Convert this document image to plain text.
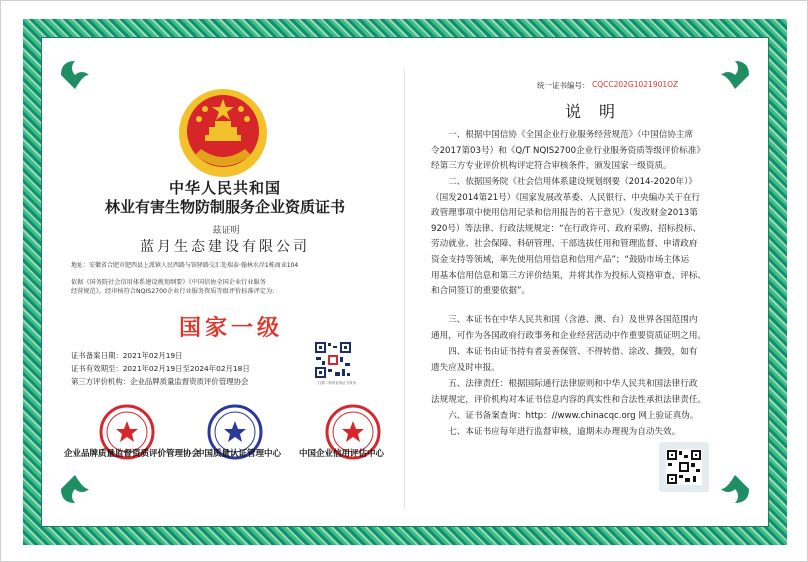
中华人民共和国
林业有害生物防制服务企业资质证书
兹证明
蓝月生态建设有限公司
地址：安徽省合肥市肥西县上派镇人民西路与馆驿路交汇处瑞泰·翰林水岸1栋商业104
依据《国务院社会信用体系建设规划纲要》《中国信协全国企业行业服务
经营规范》，经审核符合NQIS2700企业行业服务资质等级评价标准评定为:
国家一级
证书备案日期：2021年02月19日
证书有效期至：2021年02月19日至2024年02月18日
第三方评价机构：企业品牌质量监督资质评价管理协会	扫描二维码查询证书真伪
企业品牌质量监督资质评价管理协会
中国质量认证管理中心 中国企业信用评估中心
统一证书编号： CQCC202G1021901OZ
说明
　　一、根据中国信协《全国企业行业服务经营规范》（中国信协主席
令2017第03号）和《Q/T NQIS2700企业行业服务资质等级评价标准》
经第三方专业评价机构评定符合审核条件，颁发国家一级资质。
　　二、依据国务院《社会信用体系建设规划纲要（2014-2020年）》
（国发2014第21号）《国家发展改革委、人民银行、中央编办关于在行
政管理事项中使用信用记录和信用报告的若干意见》（发改财金2013第
920号）等法律、行政法规规定：“在行政许可、政府采购、招标投标、
劳动就业、社会保障、科研管理、干部选拔任用和管理监督、申请政府
资金支持等领域，率先使用信用信息和信用产品”；“鼓励市场主体运
用基本信用信息和第三方评价结果，并将其作为投标人资格审查、评标、
和合同签订的重要依据”。
　　三、本证书在中华人民共和国（含港、澳、台）及世界各国范围内
通用，可作为各国政府行政事务和企业经营活动中作重要资质证明之用。
　　四、本证书由证书持有者妥善保管、不得转借、涂改、撕毁，如有
遗失应及时申报。
　　五、法律责任：根据国际通行法律原则和中华人民共和国法律行政
法规规定，评价机构对本证书信息内容的真实性和合法性承担法律责任。
　　六、证书备案查询：http：//www.chinacqc.org 网上验证真伪。
　　七、本证书应每年进行监督审核，逾期未办理视为自动失效。
